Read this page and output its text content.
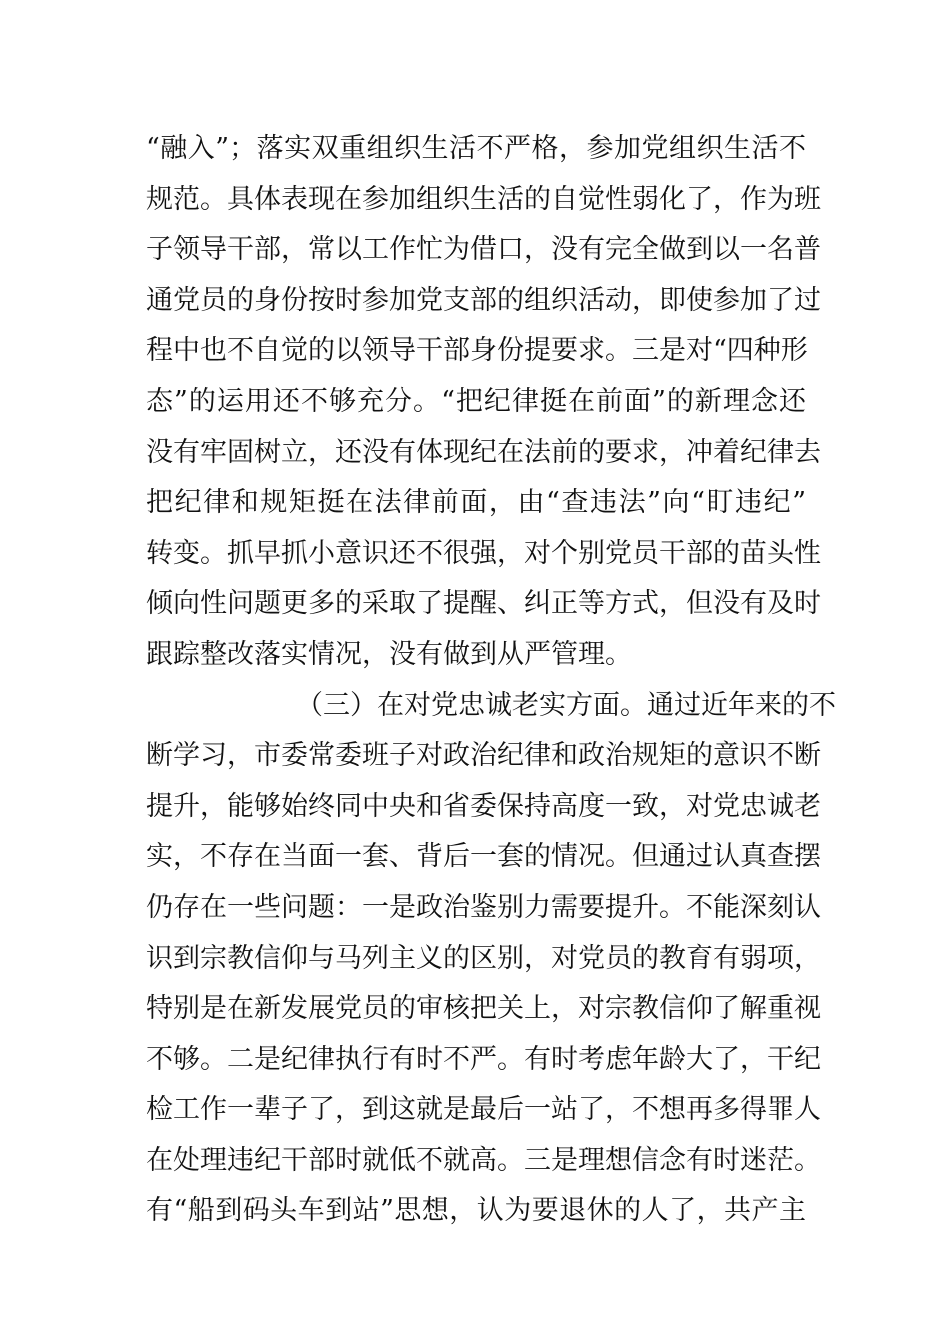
“融入”；落实双重组织生活不严格，参加党组织生活不
规范。具体表现在参加组织生活的自觉性弱化了，作为班
子领导干部，常以工作忙为借口，没有完全做到以一名普
通党员的身份按时参加党支部的组织活动，即使参加了过
程中也不自觉的以领导干部身份提要求。三是对“四种形
态”的运用还不够充分。“把纪律挺在前面”的新理念还
没有牢固树立，还没有体现纪在法前的要求，冲着纪律去
把纪律和规矩挺在法律前面，由“查违法”向“盯违纪”
转变。抓早抓小意识还不很强，对个别党员干部的苗头性
倾向性问题更多的采取了提醒、纠正等方式，但没有及时
跟踪整改落实情况，没有做到从严管理。
（三）在对党忠诚老实方面。通过近年来的不
断学习，市委常委班子对政治纪律和政治规矩的意识不断
提升，能够始终同中央和省委保持高度一致，对党忠诚老
实，不存在当面一套、背后一套的情况。但通过认真查摆
仍存在一些问题：一是政治鉴别力需要提升。不能深刻认
识到宗教信仰与马列主义的区别，对党员的教育有弱项，
特别是在新发展党员的审核把关上，对宗教信仰了解重视
不够。二是纪律执行有时不严。有时考虑年龄大了，干纪
检工作一辈子了，到这就是最后一站了，不想再多得罪人
在处理违纪干部时就低不就高。三是理想信念有时迷茫。
有“船到码头车到站”思想，认为要退休的人了，共产主
